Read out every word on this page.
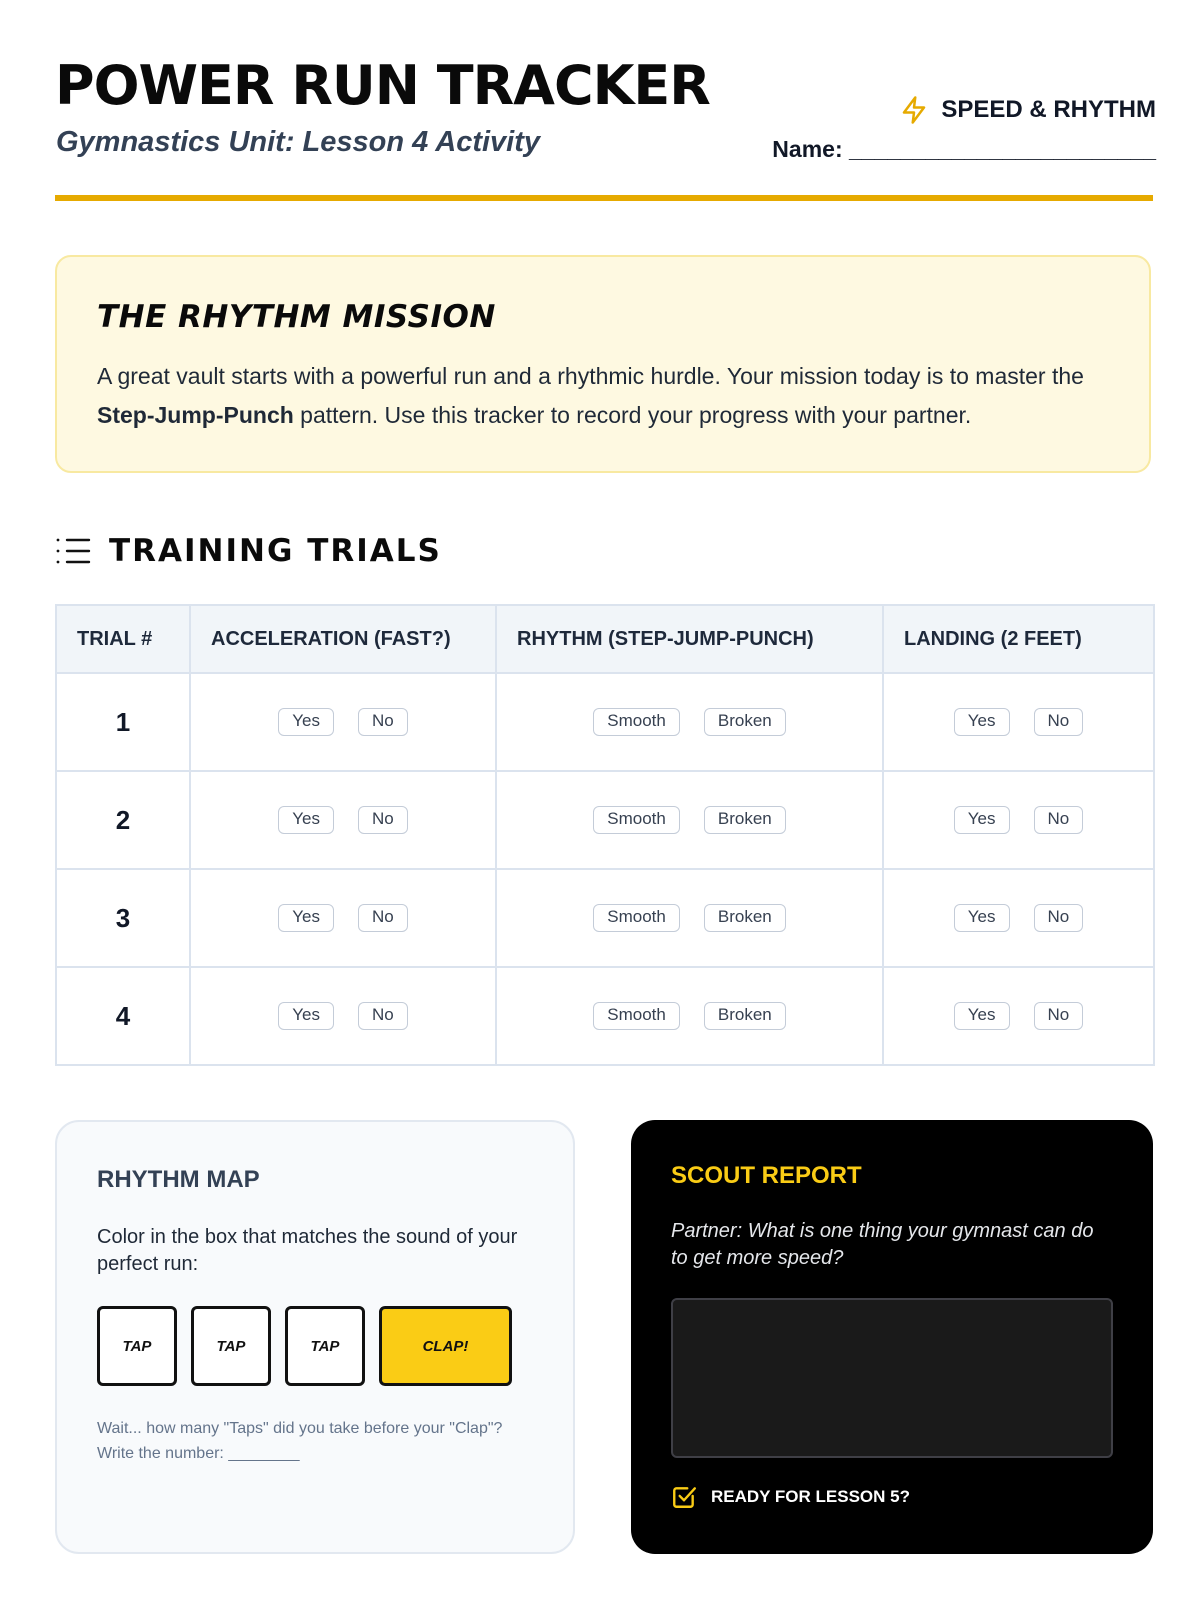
POWER RUN TRACKER
Gymnastics Unit: Lesson 4 Activity
SPEED & RHYTHM
Name: ________________________
THE RHYTHM MISSION

A great vault starts with a powerful run and a rhythmic hurdle. Your mission today is to master the Step-Jump-Punch pattern. Use this tracker to record your progress with your partner.

TRAINING TRIALS
TRIAL #	ACCELERATION (FAST?)	RHYTHM (STEP-JUMP-PUNCH)	LANDING (2 FEET)
1	Yes No	Smooth Broken	Yes No
2	Yes No	Smooth Broken	Yes No
3	Yes No	Smooth Broken	Yes No
4	Yes No	Smooth Broken	Yes No
RHYTHM MAP

Color in the box that matches the sound of your perfect run:

TAP	TAP	TAP	CLAP!

Wait... how many "Taps" did you take before your "Clap"?
Write the number: ________

SCOUT REPORT

Partner: What is one thing your gymnast can do to get more speed?

READY FOR LESSON 5?
